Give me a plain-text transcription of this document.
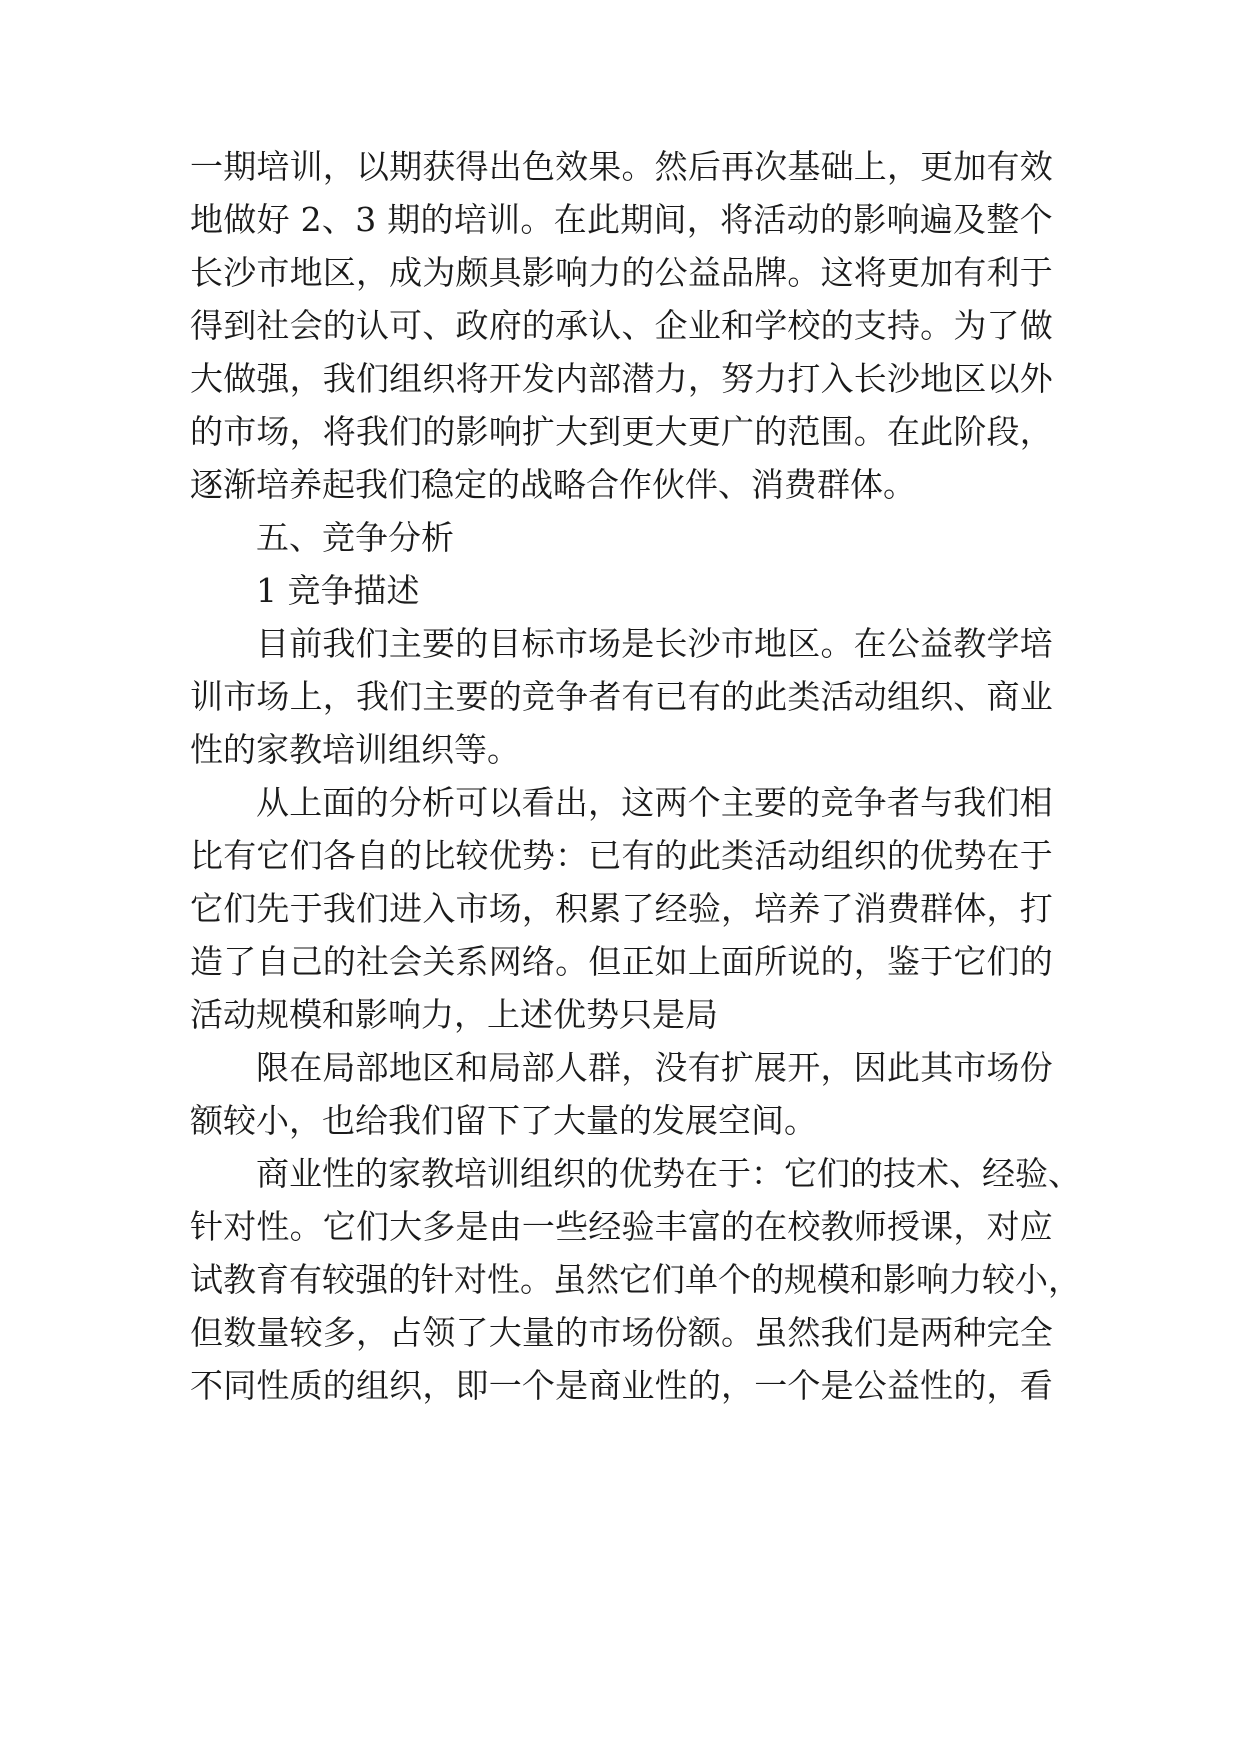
一 期 培 训 ， 以 期 获 得 出 色 效 果 。 然 后 再 次 基 础 上 ， 更 加 有 效
地 做 好
2 、 3
期 的 培 训 。 在 此 期 间 ， 将 活 动 的 影 响 遍 及 整 个
长 沙 市 地 区 ， 成 为 颇 具 影 响 力 的 公 益 品 牌 。 这 将 更 加 有 利 于
得 到 社 会 的 认 可 、 政 府 的 承 认 、 企 业 和 学 校 的 支 持 。 为 了 做
大 做 强 ， 我 们 组 织 将 开 发 内 部 潜 力 ， 努 力 打 入 长 沙 地 区 以 外
的 市 场 ， 将 我 们 的 影 响 扩 大 到 更 大 更 广 的 范 围 。 在 此 阶 段 ，
逐渐培养起我们稳定的战略合作伙伴、消费群体。
五、竞争分析
1 竞争描述
目 前 我 们 主 要 的 目 标 市 场 是 长 沙 市 地 区 。 在 公 益 教 学 培
训 市 场 上 ， 我 们 主 要 的 竞 争 者 有 已 有 的 此 类 活 动 组 织 、 商 业
性的家教培训组织等。
从 上 面 的 分 析 可 以 看 出 ， 这 两 个 主 要 的 竞 争 者 与 我 们 相
比 有 它 们 各 自 的 比 较 优 势 ： 已 有 的 此 类 活 动 组 织 的 优 势 在 于
它 们 先 于 我 们 进 入 市 场 ， 积 累 了 经 验 ， 培 养 了 消 费 群 体 ， 打
造 了 自 己 的 社 会 关 系 网 络 。 但 正 如 上 面 所 说 的 ， 鉴 于 它 们 的
活动规模和影响力，上述优势只是局
限 在 局 部 地 区 和 局 部 人 群 ， 没 有 扩 展 开 ， 因 此 其 市 场 份
额较小，也给我们留下了大量的发展空间。
商 业 性 的 家 教 培 训 组 织 的 优 势 在 于 ： 它 们 的 技 术 、 经 验 、
针 对 性 。 它 们 大 多 是 由 一 些 经 验 丰 富 的 在 校 教 师 授 课 ， 对 应
试 教 育 有 较 强 的 针 对 性 。 虽 然 它 们 单 个 的 规 模 和 影 响 力 较 小 ，
但 数 量 较 多 ， 占 领 了 大 量 的 市 场 份 额 。 虽 然 我 们 是 两 种 完 全
不 同 性 质 的 组 织 ， 即 一 个 是 商 业 性 的 ， 一 个 是 公 益 性 的 ， 看
